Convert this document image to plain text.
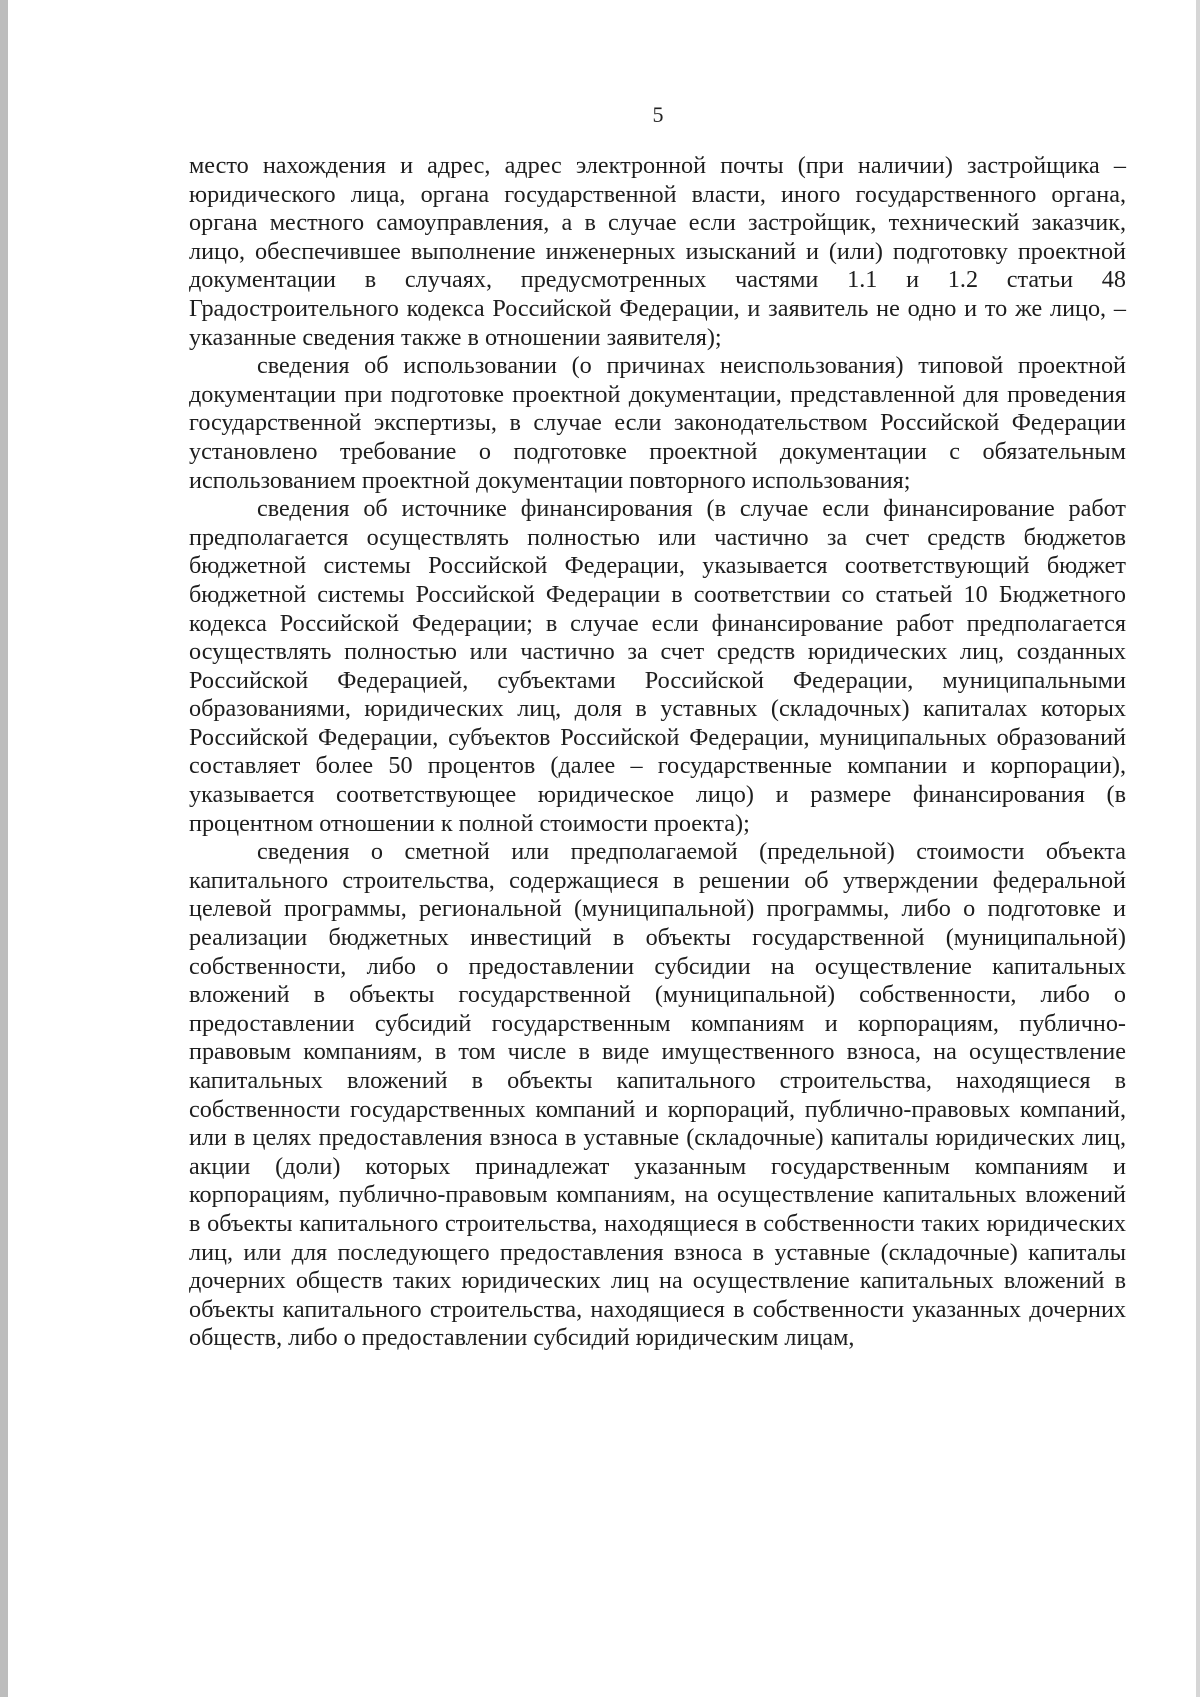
5

место нахождения и адрес, адрес электронной почты (при наличии) застройщика – юридического лица, органа государственной власти, иного государственного органа, органа местного самоуправления, а в случае если застройщик, технический заказчик, лицо, обеспечившее выполнение инженерных изысканий и (или) подготовку проектной документации в случаях, предусмотренных частями 1.1 и 1.2 статьи 48 Градостроительного кодекса Российской Федерации, и заявитель не одно и то же лицо, – указанные сведения также в отношении заявителя);

сведения об использовании (о причинах неиспользования) типовой проектной документации при подготовке проектной документации, представленной для проведения государственной экспертизы, в случае если законодательством Российской Федерации установлено требование о подготовке проектной документации с обязательным использованием проектной документации повторного использования;

сведения об источнике финансирования (в случае если финансирование работ предполагается осуществлять полностью или частично за счет средств бюджетов бюджетной системы Российской Федерации, указывается соответствующий бюджет бюджетной системы Российской Федерации в соответствии со статьей 10 Бюджетного кодекса Российской Федерации; в случае если финансирование работ предполагается осуществлять полностью или частично за счет средств юридических лиц, созданных Российской Федерацией, субъектами Российской Федерации, муниципальными образованиями, юридических лиц, доля в уставных (складочных) капиталах которых Российской Федерации, субъектов Российской Федерации, муниципальных образований составляет более 50 процентов (далее – государственные компании и корпорации), указывается соответствующее юридическое лицо) и размере финансирования (в процентном отношении к полной стоимости проекта);

сведения о сметной или предполагаемой (предельной) стоимости объекта капитального строительства, содержащиеся в решении об утверждении федеральной целевой программы, региональной (муниципальной) программы, либо о подготовке и реализации бюджетных инвестиций в объекты государственной (муниципальной) собственности, либо о предоставлении субсидии на осуществление капитальных вложений в объекты государственной (муниципальной) собственности, либо о предоставлении субсидий государственным компаниям и корпорациям, публично-правовым компаниям, в том числе в виде имущественного взноса, на осуществление капитальных вложений в объекты капитального строительства, находящиеся в собственности государственных компаний и корпораций, публично-правовых компаний, или в целях предоставления взноса в уставные (складочные) капиталы юридических лиц, акции (доли) которых принадлежат указанным государственным компаниям и корпорациям, публично-правовым компаниям, на осуществление капитальных вложений в объекты капитального строительства, находящиеся в собственности таких юридических лиц, или для последующего предоставления взноса в уставные (складочные) капиталы дочерних обществ таких юридических лиц на осуществление капитальных вложений в объекты капитального строительства, находящиеся в собственности указанных дочерних обществ, либо о предоставлении субсидий юридическим лицам,
